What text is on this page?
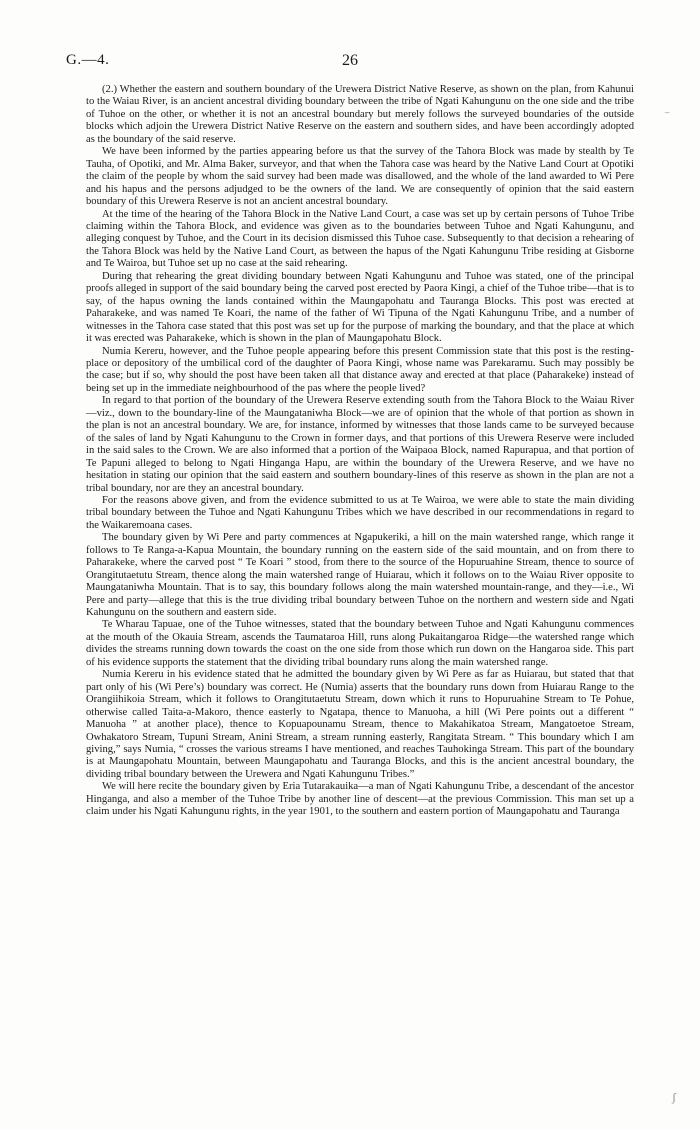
G.—4.	26

(2.) Whether the eastern and southern boundary of the Urewera District Native Reserve, as shown on the plan, from Kahunui to the Waiau River, is an ancient ancestral dividing boundary between the tribe of Ngati Kahungunu on the one side and the tribe of Tuhoe on the other, or whether it is not an ancestral boundary but merely follows the surveyed boundaries of the outside blocks which adjoin the Urewera District Native Reserve on the eastern and southern sides, and have been accordingly adopted as the boundary of the said reserve.

We have been informed by the parties appearing before us that the survey of the Tahora Block was made by stealth by Te Tauha, of Opotiki, and Mr. Alma Baker, surveyor, and that when the Tahora case was heard by the Native Land Court at Opotiki the claim of the people by whom the said survey had been made was disallowed, and the whole of the land awarded to Wi Pere and his hapus and the persons adjudged to be the owners of the land. We are consequently of opinion that the said eastern boundary of this Urewera Reserve is not an ancient ancestral boundary.

At the time of the hearing of the Tahora Block in the Native Land Court, a case was set up by certain persons of Tuhoe Tribe claiming within the Tahora Block, and evidence was given as to the boundaries between Tuhoe and Ngati Kahungunu, and alleging conquest by Tuhoe, and the Court in its decision dismissed this Tuhoe case. Subsequently to that decision a rehearing of the Tahora Block was held by the Native Land Court, as between the hapus of the Ngati Kahungunu Tribe residing at Gisborne and Te Wairoa, but Tuhoe set up no case at the said rehearing.

During that rehearing the great dividing boundary between Ngati Kahungunu and Tuhoe was stated, one of the principal proofs alleged in support of the said boundary being the carved post erected by Paora Kingi, a chief of the Tuhoe tribe—that is to say, of the hapus owning the lands contained within the Maungapohatu and Tauranga Blocks. This post was erected at Paharakeke, and was named Te Koari, the name of the father of Wi Tipuna of the Ngati Kahungunu Tribe, and a number of witnesses in the Tahora case stated that this post was set up for the purpose of marking the boundary, and that the place at which it was erected was Paharakeke, which is shown in the plan of Maungapohatu Block.

Numia Kereru, however, and the Tuhoe people appearing before this present Commission state that this post is the resting-place or depository of the umbilical cord of the daughter of Paora Kingi, whose name was Parekaramu. Such may possibly be the case; but if so, why should the post have been taken all that distance away and erected at that place (Paharakeke) instead of being set up in the immediate neighbourhood of the pas where the people lived?

In regard to that portion of the boundary of the Urewera Reserve extending south from the Tahora Block to the Waiau River—viz., down to the boundary-line of the Maungataniwha Block—we are of opinion that the whole of that portion as shown in the plan is not an ancestral boundary. We are, for instance, informed by witnesses that those lands came to be surveyed because of the sales of land by Ngati Kahungunu to the Crown in former days, and that portions of this Urewera Reserve were included in the said sales to the Crown. We are also informed that a portion of the Waipaoa Block, named Rapurapua, and that portion of Te Papuni alleged to belong to Ngati Hinganga Hapu, are within the boundary of the Urewera Reserve, and we have no hesitation in stating our opinion that the said eastern and southern boundary-lines of this reserve as shown in the plan are not a tribal boundary, nor are they an ancestral boundary.

For the reasons above given, and from the evidence submitted to us at Te Wairoa, we were able to state the main dividing tribal boundary between the Tuhoe and Ngati Kahungunu Tribes which we have described in our recommendations in regard to the Waikaremoana cases.

The boundary given by Wi Pere and party commences at Ngapukeriki, a hill on the main watershed range, which range it follows to Te Ranga-a-Kapua Mountain, the boundary running on the eastern side of the said mountain, and on from there to Paharakeke, where the carved post “ Te Koari ” stood, from there to the source of the Hopuruahine Stream, thence to source of Orangitutaetutu Stream, thence along the main watershed range of Huiarau, which it follows on to the Waiau River opposite to Maungataniwha Mountain. That is to say, this boundary follows along the main watershed mountain-range, and they—i.e., Wi Pere and party—allege that this is the true dividing tribal boundary between Tuhoe on the northern and western side and Ngati Kahungunu on the southern and eastern side.

Te Wharau Tapuae, one of the Tuhoe witnesses, stated that the boundary between Tuhoe and Ngati Kahungunu commences at the mouth of the Okauia Stream, ascends the Taumataroa Hill, runs along Pukaitangaroa Ridge—the watershed range which divides the streams running down towards the coast on the one side from those which run down on the Hangaroa side. This part of his evidence supports the statement that the dividing tribal boundary runs along the main watershed range.

Numia Kereru in his evidence stated that he admitted the boundary given by Wi Pere as far as Huiarau, but stated that that part only of his (Wi Pere’s) boundary was correct. He (Numia) asserts that the boundary runs down from Huiarau Range to the Orangiihikoia Stream, which it follows to Orangitutaetutu Stream, down which it runs to Hopuruahine Stream to Te Pohue, otherwise called Taita-a-Makoro, thence easterly to Ngatapa, thence to Manuoha, a hill (Wi Pere points out a different “ Manuoha ” at another place), thence to Kopuapounamu Stream, thence to Makahikatoa Stream, Mangatoetoe Stream, Owhakatoro Stream, Tupuni Stream, Anini Stream, a stream running easterly, Rangitata Stream. “ This boundary which I am giving,” says Numia, “ crosses the various streams I have mentioned, and reaches Tauhokinga Stream. This part of the boundary is at Maungapohatu Mountain, between Maungapohatu and Tauranga Blocks, and this is the ancient ancestral boundary, the dividing tribal boundary between the Urewera and Ngati Kahungunu Tribes.”

We will here recite the boundary given by Eria Tutarakauika—a man of Ngati Kahungunu Tribe, a descendant of the ancestor Hinganga, and also a member of the Tuhoe Tribe by another line of descent—at the previous Commission. This man set up a claim under his Ngati Kahungunu rights, in the year 1901, to the southern and eastern portion of Maungapohatu and Tauranga

⁻
ʃ
